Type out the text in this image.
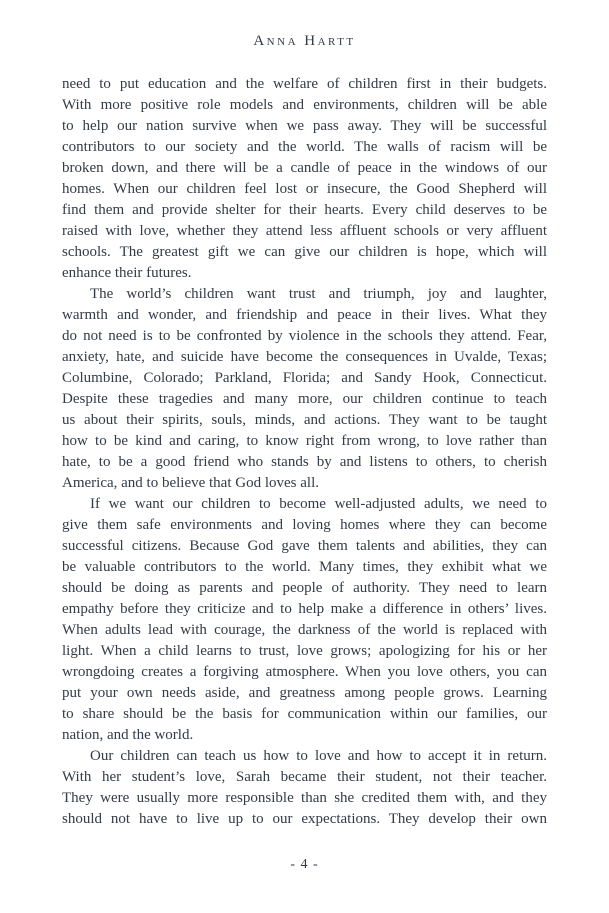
Anna Hartt
need to put education and the welfare of children first in their budgets.
With more positive role models and environments, children will be able
to help our nation survive when we pass away. They will be successful
contributors to our society and the world. The walls of racism will be
broken down, and there will be a candle of peace in the windows of our
homes. When our children feel lost or insecure, the Good Shepherd will
find them and provide shelter for their hearts. Every child deserves to be
raised with love, whether they attend less affluent schools or very affluent
schools. The greatest gift we can give our children is hope, which will
enhance their futures.
The world’s children want trust and triumph, joy and laughter,
warmth and wonder, and friendship and peace in their lives. What they
do not need is to be confronted by violence in the schools they attend. Fear,
anxiety, hate, and suicide have become the consequences in Uvalde, Texas;
Columbine, Colorado; Parkland, Florida; and Sandy Hook, Connecticut.
Despite these tragedies and many more, our children continue to teach
us about their spirits, souls, minds, and actions. They want to be taught
how to be kind and caring, to know right from wrong, to love rather than
hate, to be a good friend who stands by and listens to others, to cherish
America, and to believe that God loves all.
If we want our children to become well-adjusted adults, we need to
give them safe environments and loving homes where they can become
successful citizens. Because God gave them talents and abilities, they can
be valuable contributors to the world. Many times, they exhibit what we
should be doing as parents and people of authority. They need to learn
empathy before they criticize and to help make a difference in others’ lives.
When adults lead with courage, the darkness of the world is replaced with
light. When a child learns to trust, love grows; apologizing for his or her
wrongdoing creates a forgiving atmosphere. When you love others, you can
put your own needs aside, and greatness among people grows. Learning
to share should be the basis for communication within our families, our
nation, and the world.
Our children can teach us how to love and how to accept it in return.
With her student’s love, Sarah became their student, not their teacher.
They were usually more responsible than she credited them with, and they
should not have to live up to our expectations. They develop their own
- 4 -
